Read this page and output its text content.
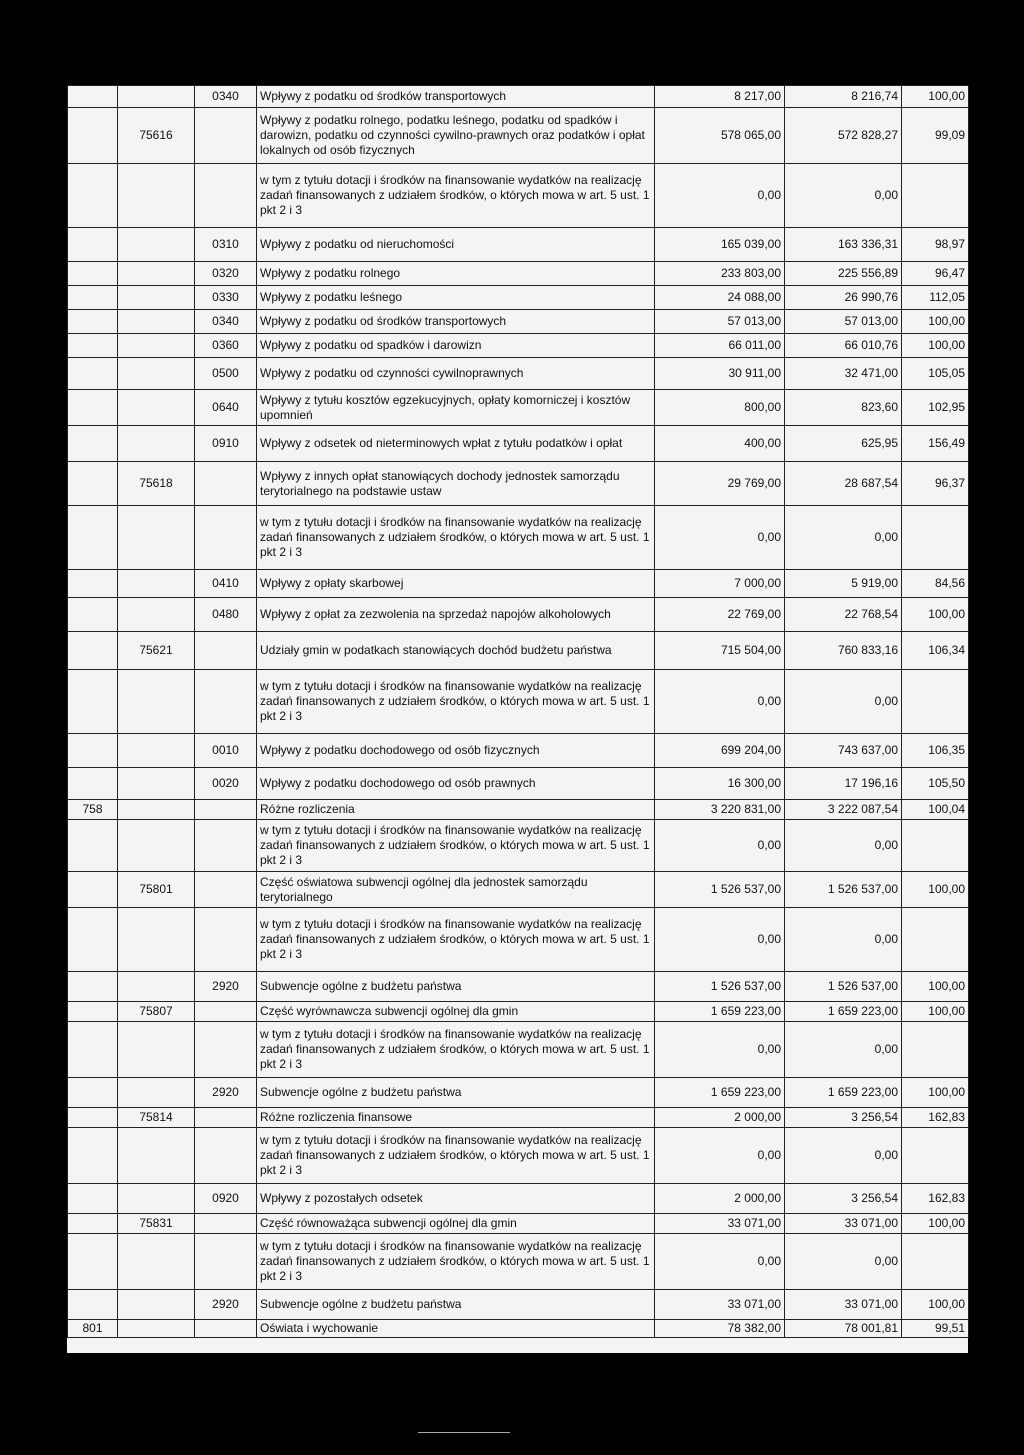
		0340	Wpływy z podatku od środków transportowych	8 217,00	8 216,74	100,00
	75616		Wpływy z podatku rolnego, podatku leśnego, podatku od spadków i darowizn, podatku od czynności cywilno-prawnych oraz podatków i opłat lokalnych od osób fizycznych	578 065,00	572 828,27	99,09
			w tym z tytułu dotacji i środków na finansowanie wydatków na realizację zadań finansowanych z udziałem środków, o których mowa w art. 5 ust. 1 pkt 2 i 3	0,00	0,00	
		0310	Wpływy z podatku od nieruchomości	165 039,00	163 336,31	98,97
		0320	Wpływy z podatku rolnego	233 803,00	225 556,89	96,47
		0330	Wpływy z podatku leśnego	24 088,00	26 990,76	112,05
		0340	Wpływy z podatku od środków transportowych	57 013,00	57 013,00	100,00
		0360	Wpływy z podatku od spadków i darowizn	66 011,00	66 010,76	100,00
		0500	Wpływy z podatku od czynności cywilnoprawnych	30 911,00	32 471,00	105,05
		0640	Wpływy z tytułu kosztów egzekucyjnych, opłaty komorniczej i kosztów upomnień	800,00	823,60	102,95
		0910	Wpływy z odsetek od nieterminowych wpłat z tytułu podatków i opłat	400,00	625,95	156,49
	75618		Wpływy z innych opłat stanowiących dochody jednostek samorządu terytorialnego na podstawie ustaw	29 769,00	28 687,54	96,37
			w tym z tytułu dotacji i środków na finansowanie wydatków na realizację zadań finansowanych z udziałem środków, o których mowa w art. 5 ust. 1 pkt 2 i 3	0,00	0,00	
		0410	Wpływy z opłaty skarbowej	7 000,00	5 919,00	84,56
		0480	Wpływy z opłat za zezwolenia na sprzedaż napojów alkoholowych	22 769,00	22 768,54	100,00
	75621		Udziały gmin w podatkach stanowiących dochód budżetu państwa	715 504,00	760 833,16	106,34
			w tym z tytułu dotacji i środków na finansowanie wydatków na realizację zadań finansowanych z udziałem środków, o których mowa w art. 5 ust. 1 pkt 2 i 3	0,00	0,00	
		0010	Wpływy z podatku dochodowego od osób fizycznych	699 204,00	743 637,00	106,35
		0020	Wpływy z podatku dochodowego od osób prawnych	16 300,00	17 196,16	105,50
758			Różne rozliczenia	3 220 831,00	3 222 087,54	100,04
			w tym z tytułu dotacji i środków na finansowanie wydatków na realizację zadań finansowanych z udziałem środków, o których mowa w art. 5 ust. 1 pkt 2 i 3	0,00	0,00	
	75801		Część oświatowa subwencji ogólnej dla jednostek samorządu terytorialnego	1 526 537,00	1 526 537,00	100,00
			w tym z tytułu dotacji i środków na finansowanie wydatków na realizację zadań finansowanych z udziałem środków, o których mowa w art. 5 ust. 1 pkt 2 i 3	0,00	0,00	
		2920	Subwencje ogólne z budżetu państwa	1 526 537,00	1 526 537,00	100,00
	75807		Część wyrównawcza subwencji ogólnej dla gmin	1 659 223,00	1 659 223,00	100,00
			w tym z tytułu dotacji i środków na finansowanie wydatków na realizację zadań finansowanych z udziałem środków, o których mowa w art. 5 ust. 1 pkt 2 i 3	0,00	0,00	
		2920	Subwencje ogólne z budżetu państwa	1 659 223,00	1 659 223,00	100,00
	75814		Różne rozliczenia finansowe	2 000,00	3 256,54	162,83
			w tym z tytułu dotacji i środków na finansowanie wydatków na realizację zadań finansowanych z udziałem środków, o których mowa w art. 5 ust. 1 pkt 2 i 3	0,00	0,00	
		0920	Wpływy z pozostałych odsetek	2 000,00	3 256,54	162,83
	75831		Część równoważąca subwencji ogólnej dla gmin	33 071,00	33 071,00	100,00
			w tym z tytułu dotacji i środków na finansowanie wydatków na realizację zadań finansowanych z udziałem środków, o których mowa w art. 5 ust. 1 pkt 2 i 3	0,00	0,00	
		2920	Subwencje ogólne z budżetu państwa	33 071,00	33 071,00	100,00
801			Oświata i wychowanie	78 382,00	78 001,81	99,51
